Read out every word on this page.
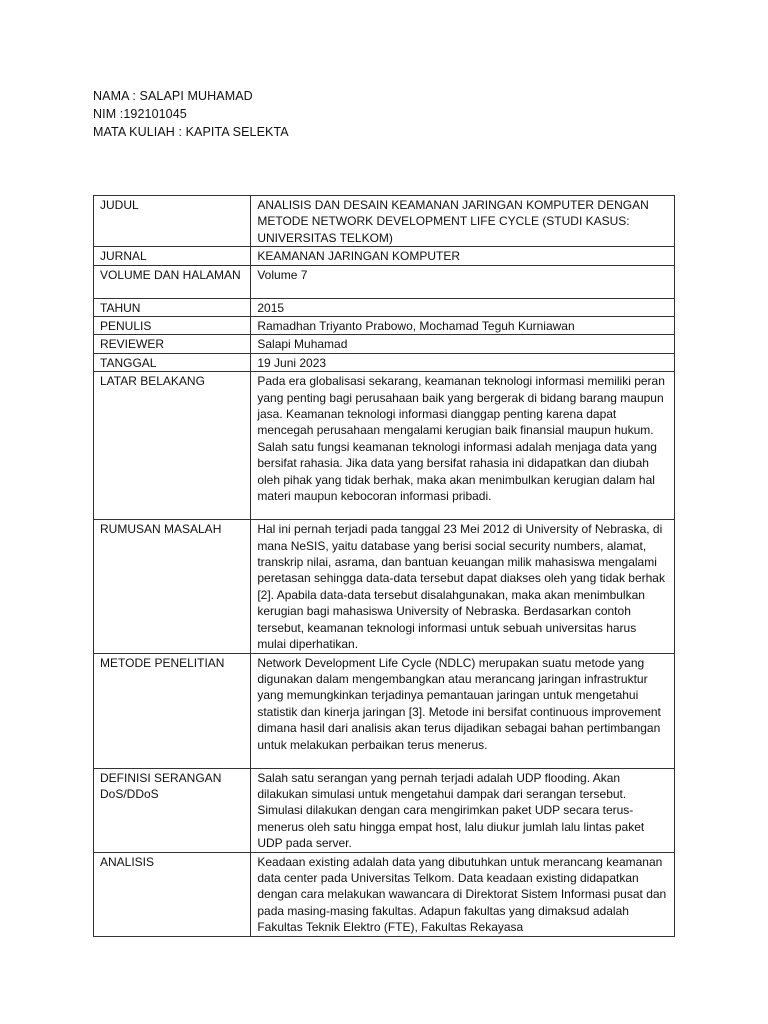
NAMA : SALAPI MUHAMAD
NIM :192101045
MATA KULIAH : KAPITA SELEKTA
JUDUL	ANALISIS DAN DESAIN KEAMANAN JARINGAN KOMPUTER DENGAN METODE NETWORK DEVELOPMENT LIFE CYCLE (STUDI KASUS: UNIVERSITAS TELKOM)
JURNAL	KEAMANAN JARINGAN KOMPUTER
VOLUME DAN HALAMAN	Volume 7
TAHUN	2015
PENULIS	Ramadhan Triyanto Prabowo, Mochamad Teguh Kurniawan
REVIEWER	Salapi Muhamad
TANGGAL	19 Juni 2023
LATAR BELAKANG	Pada era globalisasi sekarang, keamanan teknologi informasi memiliki peran yang penting bagi perusahaan baik yang bergerak di bidang barang maupun jasa. Keamanan teknologi informasi dianggap penting karena dapat mencegah perusahaan mengalami kerugian baik finansial maupun hukum. Salah satu fungsi keamanan teknologi informasi adalah menjaga data yang bersifat rahasia. Jika data yang bersifat rahasia ini didapatkan dan diubah oleh pihak yang tidak berhak, maka akan menimbulkan kerugian dalam hal materi maupun kebocoran informasi pribadi.
RUMUSAN MASALAH	Hal ini pernah terjadi pada tanggal 23 Mei 2012 di University of Nebraska, di mana NeSIS, yaitu database yang berisi social security numbers, alamat, transkrip nilai, asrama, dan bantuan keuangan milik mahasiswa mengalami peretasan sehingga data-data tersebut dapat diakses oleh yang tidak berhak [2]. Apabila data-data tersebut disalahgunakan, maka akan menimbulkan kerugian bagi mahasiswa University of Nebraska. Berdasarkan contoh tersebut, keamanan teknologi informasi untuk sebuah universitas harus mulai diperhatikan.
METODE PENELITIAN	Network Development Life Cycle (NDLC) merupakan suatu metode yang digunakan dalam mengembangkan atau merancang jaringan infrastruktur yang memungkinkan terjadinya pemantauan jaringan untuk mengetahui statistik dan kinerja jaringan [3]. Metode ini bersifat continuous improvement dimana hasil dari analisis akan terus dijadikan sebagai bahan pertimbangan untuk melakukan perbaikan terus menerus.
DEFINISI SERANGAN DoS/DDoS	Salah satu serangan yang pernah terjadi adalah UDP flooding. Akan dilakukan simulasi untuk mengetahui dampak dari serangan tersebut. Simulasi dilakukan dengan cara mengirimkan paket UDP secara terus-menerus oleh satu hingga empat host, lalu diukur jumlah lalu lintas paket UDP pada server.
ANALISIS	Keadaan existing adalah data yang dibutuhkan untuk merancang keamanan data center pada Universitas Telkom. Data keadaan existing didapatkan dengan cara melakukan wawancara di Direktorat Sistem Informasi pusat dan pada masing-masing fakultas. Adapun fakultas yang dimaksud adalah Fakultas Teknik Elektro (FTE), Fakultas Rekayasa
